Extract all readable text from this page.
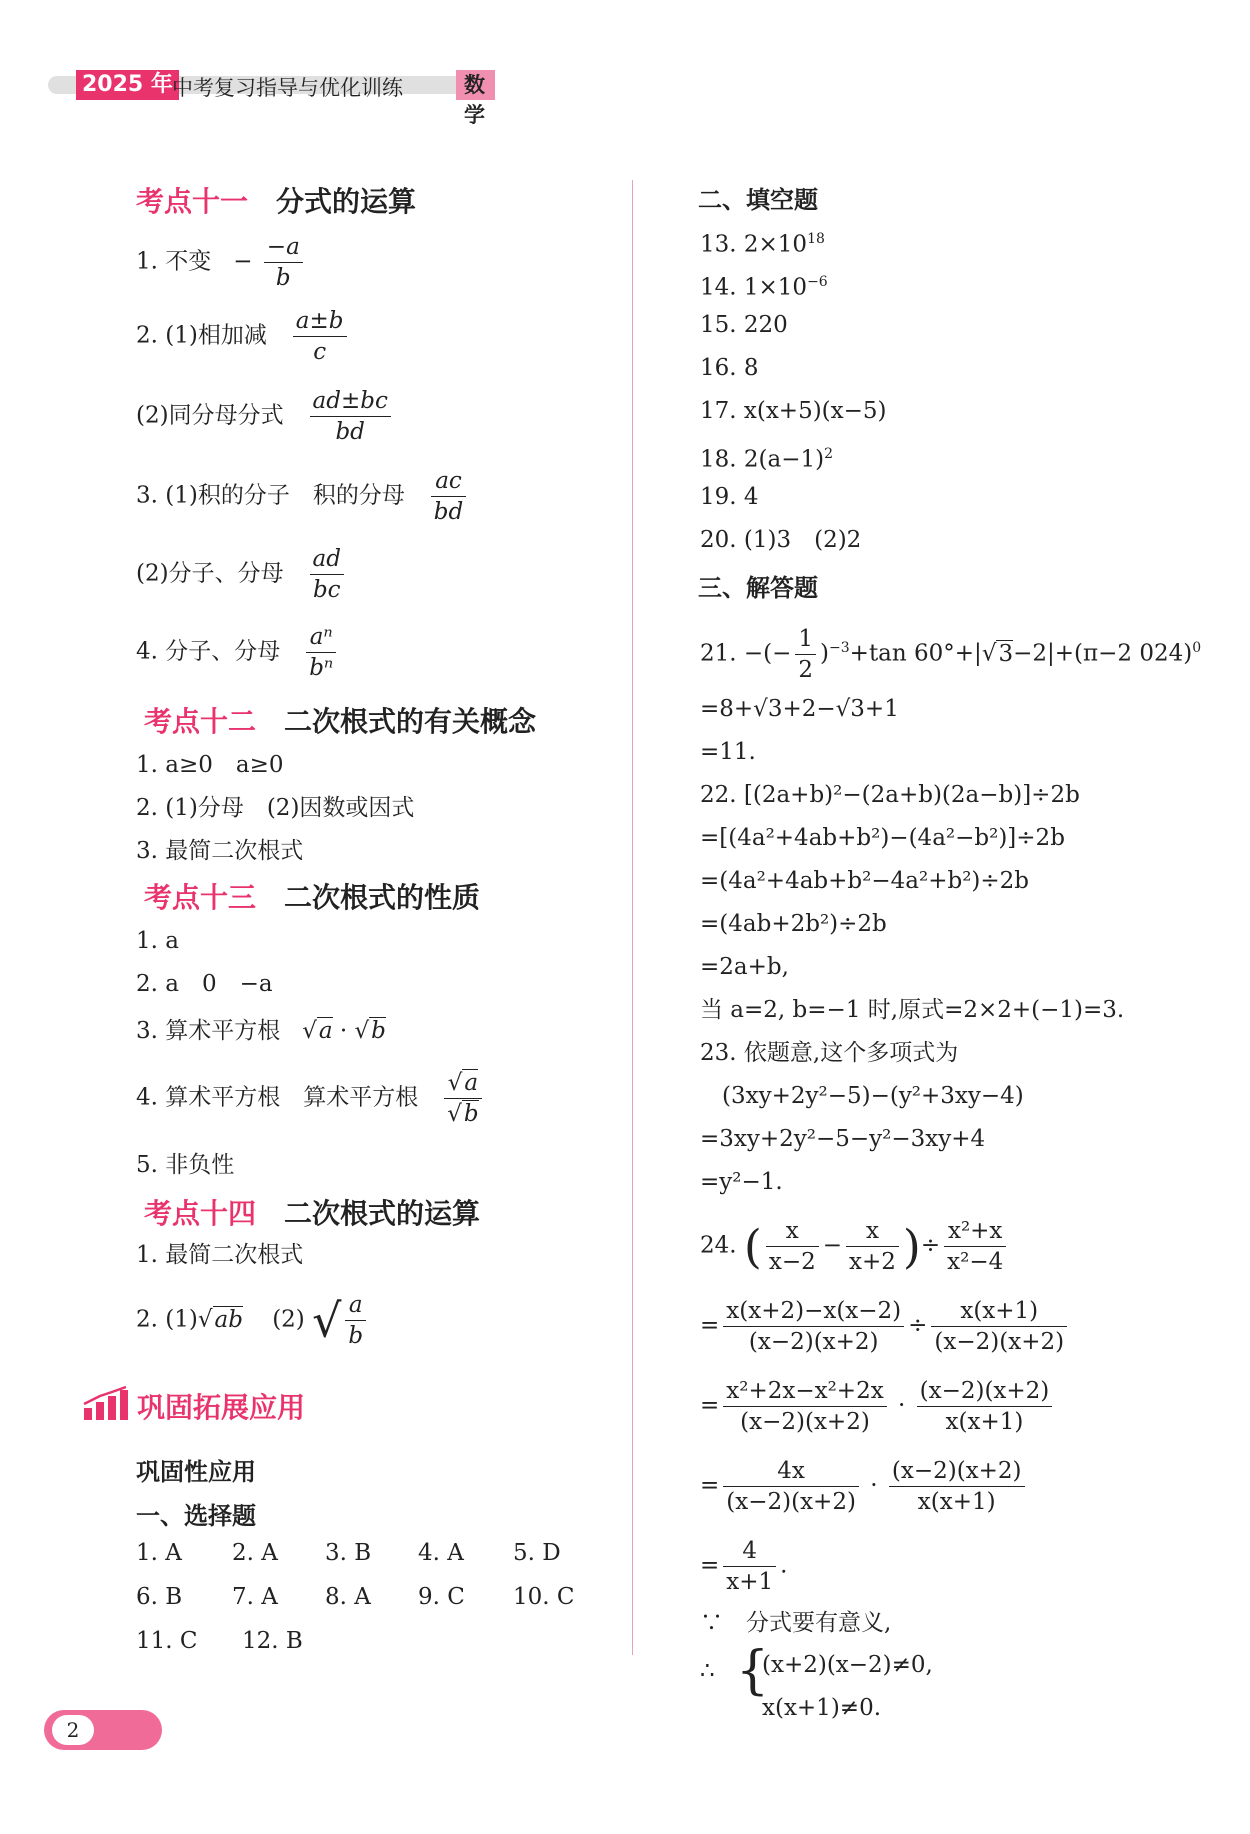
2025 年 中考复习指导与优化训练	数学
考点十一 分式的运算
1. 不变 − $\frac{-a}{b}$
2. (1)相加减 $\frac{a\pm b}{c}$
(2)同分母分式 $\frac{ad\pm bc}{bd}$
3. (1)积的分子　积的分母 $\frac{ac}{bd}$
(2)分子、分母 $\frac{ad}{bc}$
4. 分子、分母 $\frac{\text{aⁿ}}{\text{bⁿ}}$
考点十二 二次根式的有关概念
1. a≥0　a≥0
2. (1)分母　(2)因数或因式
3. 最简二次根式
考点十三 二次根式的性质
1. a
2. a　0　−a
3. 算术平方根   √a · √b
4. 算术平方根　算术平方根 $\frac{√a}{√b}$
5. 非负性
考点十四 二次根式的运算
1. 最简二次根式
2. (1)√ab (2) √ $\frac{a}{b}$
巩固拓展应用
巩固性应用
一、选择题
1. A 2. A 3. B 4. A 5. D
6. B 7. A 8. A 9. C 10. C
11. C 12. B
二、填空题
13. $2\times 10^{18}$
14. $1\times 10^{-6}$
15. 220
16. 8
17. x(x+5)(x−5)
18. $2(a-1)^2$
19. 4
20. (1)3　(2)2
三、解答题
21. −(− $\frac{1}{2} )^{-3}+\tan$ 60°+|√3−2|+(π−2 024)$^0$
=8+√3+2−√3+1
=11.
22. [(2a+b)²−(2a+b)(2a−b)]÷2b
=[(4a²+4ab+b²)−(4a²−b²)]÷2b
=(4a²+4ab+b²−4a²+b²)÷2b
=(4ab+2b²)÷2b
=2a+b,
当 a=2, b=−1 时,原式=2×2+(−1)=3.
23. 依题意,这个多项式为
(3xy+2y²−5)−(y²+3xy−4)
=3xy+2y²−5−y²−3xy+4
=y²−1.
24. ( $\frac{x}{x-2} - \frac{x}{x+2}$ )÷ $\frac{\text{x²+x}}{\text{x²−4}}$
= $\frac{x(x+2)-x(x-2)}{(x-2)(x+2)} \div \frac{x(x+1)}{(x-2)(x+2)}$
= $\frac{\text{x²+2x−x²+2x}}{(x-2)(x+2)} \cdot \frac{(x-2)(x+2)}{x(x+1)}$
= $\frac{4x}{(x-2)(x+2)} \cdot \frac{(x-2)(x+2)}{x(x+1)}$
= $\frac{4}{x+1}$ .
∵　分式要有意义,
∴ {
(x+2)(x−2)≠0,
x(x+1)≠0.
2
